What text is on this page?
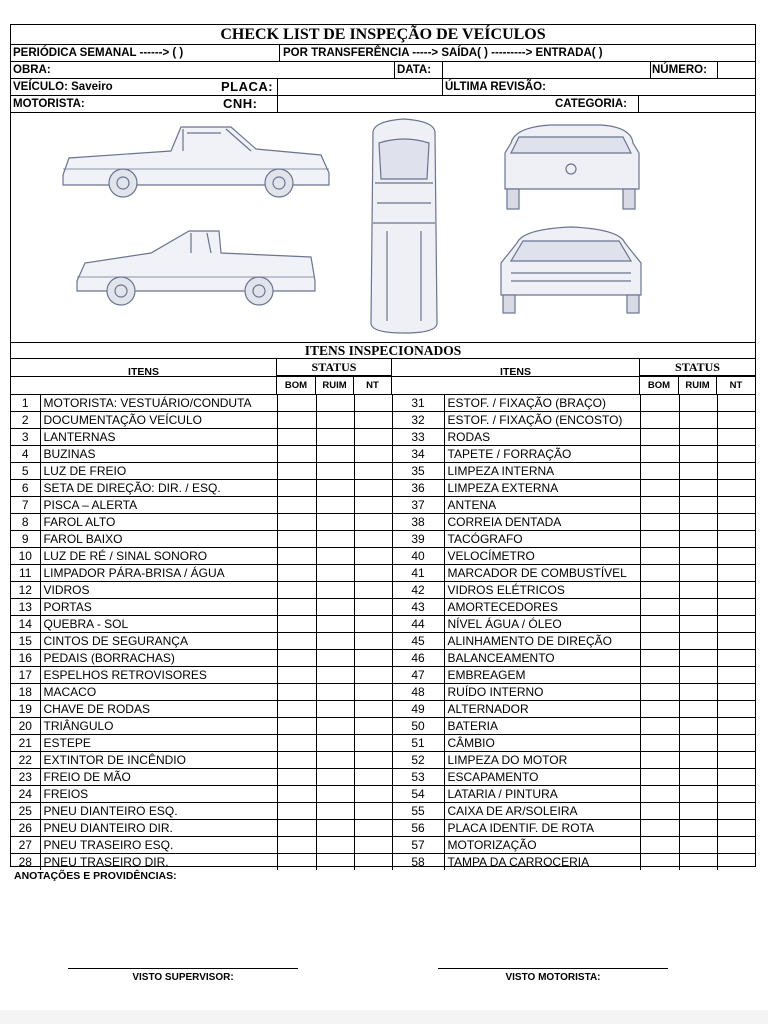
CHECK LIST DE INSPEÇÃO DE VEÍCULOS
PERIÓDICA SEMANAL ------> ( )	POR TRANSFERÊNCIA -----> SAÍDA( ) ---------> ENTRADA( )
OBRA:	DATA:	NÚMERO:
VEÍCULO: Saveiro	PLACA:	ÚLTIMA REVISÃO:
MOTORISTA:	CNH:	CATEGORIA:
ITENS INSPECIONADOS
ITENS	STATUS	ITENS	STATUS
BOM	RUIM	NT	BOM	RUIM	NT
1	MOTORISTA: VESTUÁRIO/CONDUTA				31	ESTOF. / FIXAÇÃO (BRAÇO)			
2	DOCUMENTAÇÃO VEÍCULO				32	ESTOF. / FIXAÇÃO (ENCOSTO)			
3	LANTERNAS				33	RODAS			
4	BUZINAS				34	TAPETE / FORRAÇÃO			
5	LUZ DE FREIO				35	LIMPEZA INTERNA			
6	SETA DE DIREÇÃO: DIR. / ESQ.				36	LIMPEZA EXTERNA			
7	PISCA – ALERTA				37	ANTENA			
8	FAROL ALTO				38	CORREIA DENTADA			
9	FAROL BAIXO				39	TACÓGRAFO			
10	LUZ DE RÉ / SINAL SONORO				40	VELOCÍMETRO			
11	LIMPADOR PÁRA-BRISA / ÁGUA				41	MARCADOR DE COMBUSTÍVEL			
12	VIDROS				42	VIDROS ELÉTRICOS			
13	PORTAS				43	AMORTECEDORES			
14	QUEBRA - SOL				44	NÍVEL ÁGUA / ÓLEO			
15	CINTOS DE SEGURANÇA				45	ALINHAMENTO DE DIREÇÃO			
16	PEDAIS (BORRACHAS)				46	BALANCEAMENTO			
17	ESPELHOS RETROVISORES				47	EMBREAGEM			
18	MACACO				48	RUÍDO INTERNO			
19	CHAVE DE RODAS				49	ALTERNADOR			
20	TRIÂNGULO				50	BATERIA			
21	ESTEPE				51	CÂMBIO			
22	EXTINTOR DE INCÊNDIO				52	LIMPEZA DO MOTOR			
23	FREIO DE MÃO				53	ESCAPAMENTO			
24	FREIOS				54	LATARIA / PINTURA			
25	PNEU DIANTEIRO ESQ.				55	CAIXA DE AR/SOLEIRA			
26	PNEU DIANTEIRO DIR.				56	PLACA IDENTIF. DE ROTA			
27	PNEU TRASEIRO ESQ.				57	MOTORIZAÇÃO			
28	PNEU TRASEIRO DIR.				58	TAMPA DA CARROCERIA			
ANOTAÇÕES E PROVIDÊNCIAS:
VISTO SUPERVISOR:	VISTO MOTORISTA:
